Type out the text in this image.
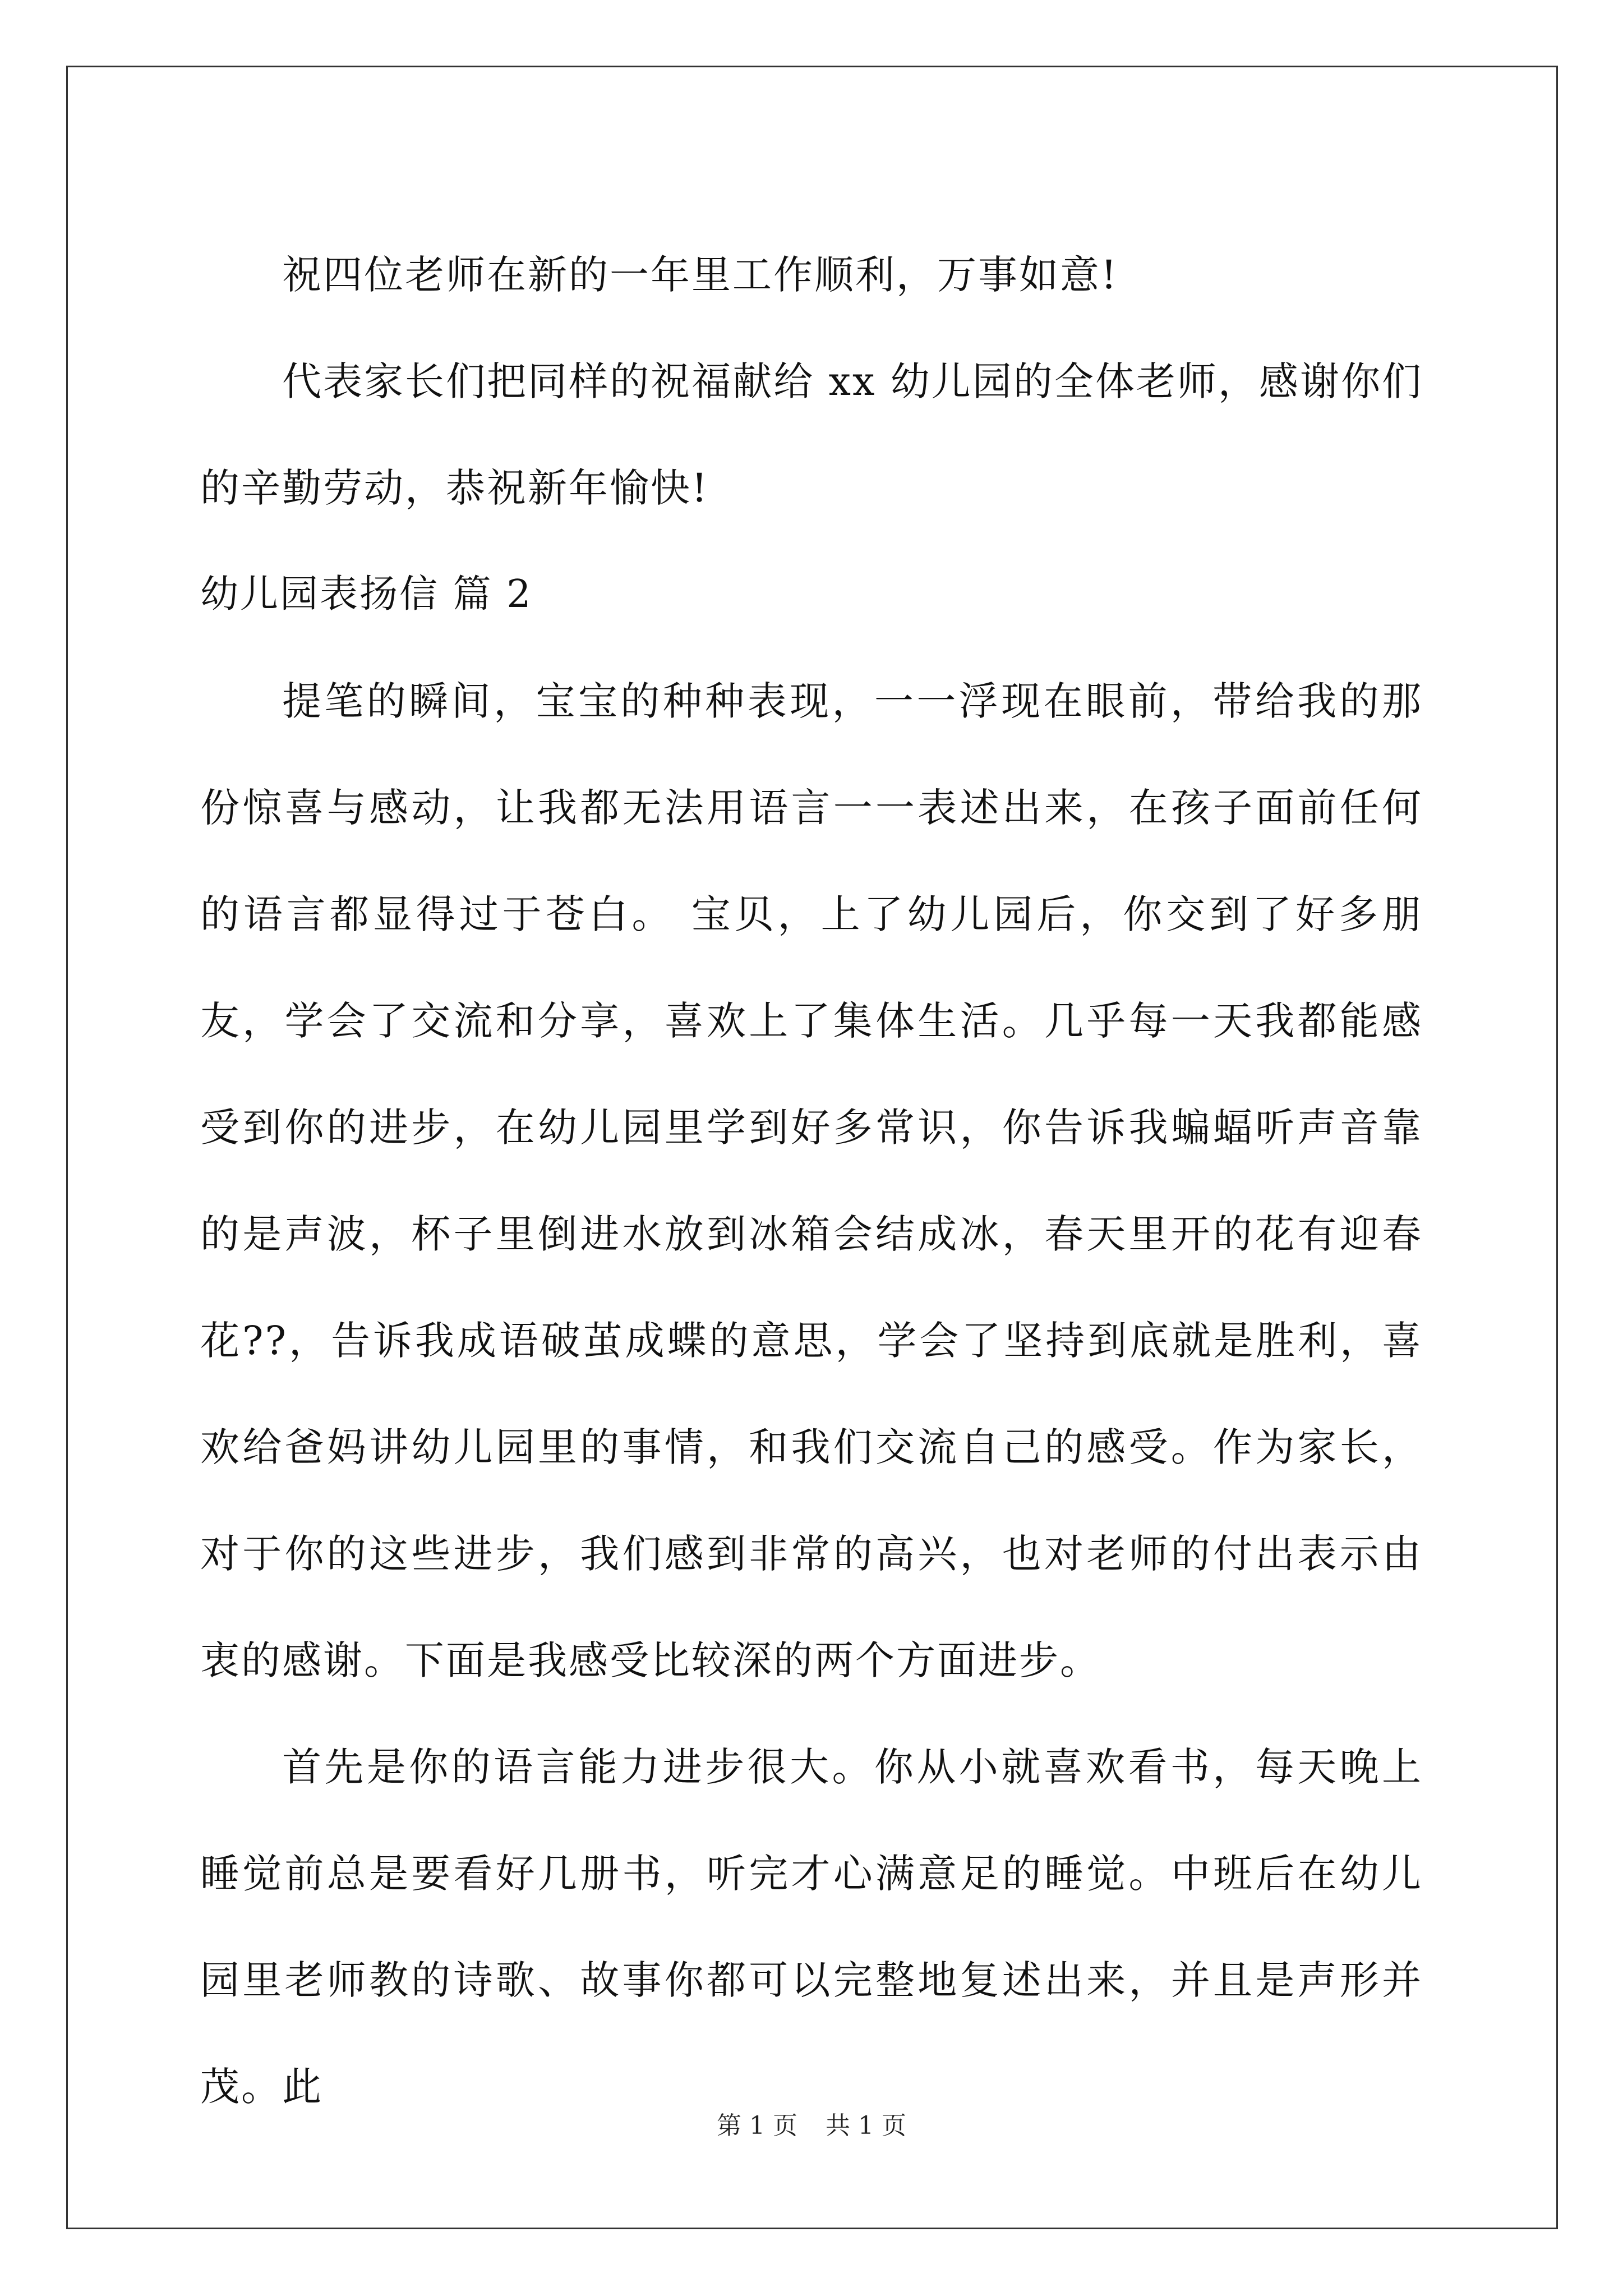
祝四位老师在新的一年里工作顺利，万事如意!

代表家长们把同样的祝福献给 xx 幼儿园的全体老师，感谢你们的辛勤劳动，恭祝新年愉快!

幼儿园表扬信 篇 2

提笔的瞬间，宝宝的种种表现，一一浮现在眼前，带给我的那份惊喜与感动，让我都无法用语言一一表述出来，在孩子面前任何的语言都显得过于苍白。 宝贝，上了幼儿园后，你交到了好多朋友，学会了交流和分享，喜欢上了集体生活。几乎每一天我都能感受到你的进步，在幼儿园里学到好多常识，你告诉我蝙蝠听声音靠的是声波，杯子里倒进水放到冰箱会结成冰，春天里开的花有迎春花??，告诉我成语破茧成蝶的意思，学会了坚持到底就是胜利，喜欢给爸妈讲幼儿园里的事情，和我们交流自己的感受。作为家长，对于你的这些进步，我们感到非常的高兴，也对老师的付出表示由衷的感谢。下面是我感受比较深的两个方面进步。

首先是你的语言能力进步很大。你从小就喜欢看书，每天晚上睡觉前总是要看好几册书，听完才心满意足的睡觉。中班后在幼儿园里老师教的诗歌、故事你都可以完整地复述出来，并且是声形并茂。此

第 1 页 共 1 页
